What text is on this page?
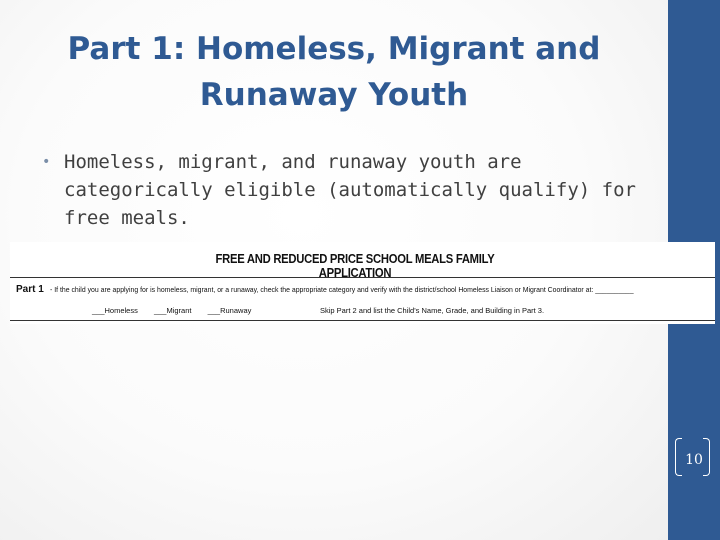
Part 1: Homeless, Migrant and
Runaway Youth
• Homeless, migrant, and runaway youth are categorically eligible (automatically qualify) for free meals.
FREE AND REDUCED PRICE SCHOOL MEALS FAMILY APPLICATION
Part 1 - If the child you are applying for is homeless, migrant, or a runaway, check the appropriate category and verify with the district/school Homeless Liaison or Migrant Coordinator at: __________
___Homeless ___Migrant ___Runaway	Skip Part 2 and list the Child's Name, Grade, and Building in Part 3.
10
